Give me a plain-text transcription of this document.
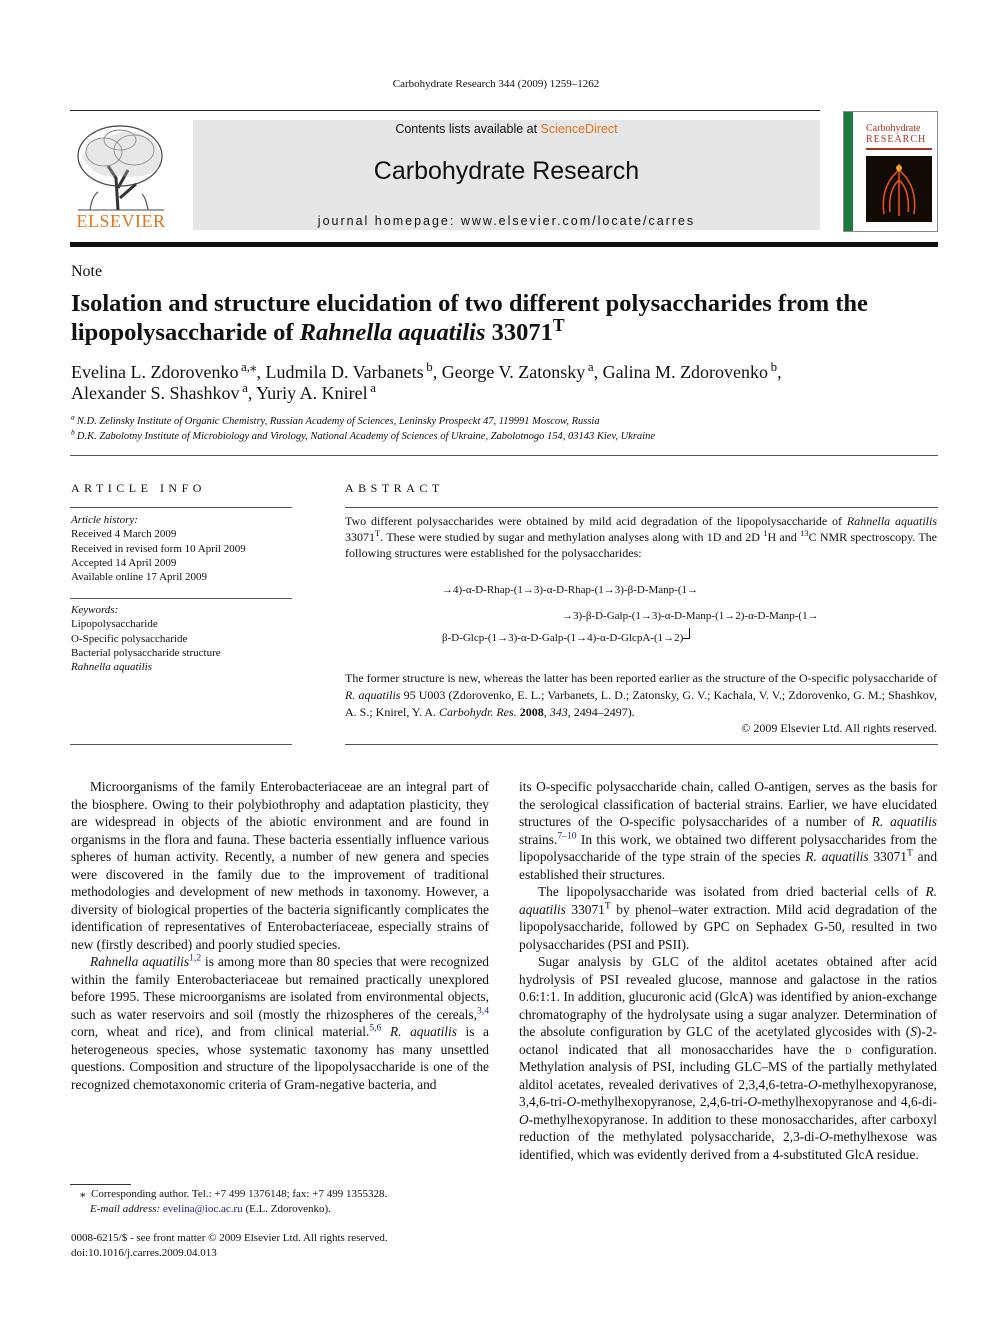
Carbohydrate Research 344 (2009) 1259–1262
ELSEVIER
Contents lists available at ScienceDirect
Carbohydrate Research
journal homepage: www.elsevier.com/locate/carres
Carbohydrate
RESEARCH
Note
Isolation and structure elucidation of two different polysaccharides from the lipopolysaccharide of Rahnella aquatilis $33071^T$
Evelina L. Zdorovenko  $^{a,⁎}$, Ludmila D. Varbanets  $^b$, George V. Zatonsky  $^a$, Galina M. Zdorovenko  $^b$,
Alexander S. Shashkov  $^a$, Yuriy A. Knirel  $^a$
$^a$  N.D. Zelinsky Institute of Organic Chemistry, Russian Academy of Sciences, Leninsky Prospeckt 47, 119991 Moscow, Russia
$^b$  D.K. Zabolotny Institute of Microbiology and Virology, National Academy of Sciences of Ukraine, Zabolotnogo 154, 03143 Kiev, Ukraine
ARTICLE INFO
Article history:
Received 4 March 2009
Received in revised form 10 April 2009
Accepted 14 April 2009
Available online 17 April 2009
Keywords:
Lipopolysaccharide
O-Specific polysaccharide
Bacterial polysaccharide structure
Rahnella aquatilis
ABSTRACT
Two different polysaccharides were obtained by mild acid degradation of the lipopolysaccharide of Rahnella aquatilis $33071^T$. These were studied by sugar and methylation analyses along with 1D and 2D $^1$H and $^{13}$C NMR spectroscopy. The following structures were established for the polysaccharides:
→4)-α-D-Rhap-(1→3)-α-D-Rhap-(1→3)-β-D-Manp-(1→
→3)-β-D-Galp-(1→3)-α-D-Manp-(1→2)-α-D-Manp-(1→
β-D-Glcp-(1→3)-α-D-Galp-(1→4)-α-D-GlcpA-(1→2)
The former structure is new, whereas the latter has been reported earlier as the structure of the O-specific polysaccharide of R. aquatilis 95 U003 (Zdorovenko, E. L.; Varbanets, L. D.; Zatonsky, G. V.; Kachala, V. V.; Zdorovenko, G. M.; Shashkov, A. S.; Knirel, Y. A. Carbohydr. Res. 2008, 343, 2494–2497).
© 2009 Elsevier Ltd. All rights reserved.

Microorganisms of the family Enterobacteriaceae are an integral part of the biosphere. Owing to their polybiothrophy and adaptation plasticity, they are widespread in objects of the abiotic environment and are found in organisms in the flora and fauna. These bacteria essentially influence various spheres of human activity. Recently, a number of new genera and species were discovered in the family due to the improvement of traditional methodologies and development of new methods in taxonomy. However, a diversity of biological properties of the bacteria significantly complicates the identification of representatives of Enterobacteriaceae, especially strains of new (firstly described) and poorly studied species.

Rahnella aquatilis$^{1,2}$ is among more than 80 species that were recognized within the family Enterobacteriaceae but remained practically unexplored before 1995. These microorganisms are isolated from environmental objects, such as water reservoirs and soil (mostly the rhizospheres of the cereals,$^{3,4}$ corn, wheat and rice), and from clinical material.$^{5,6}$ R. aquatilis is a heterogeneous species, whose systematic taxonomy has many unsettled questions. Composition and structure of the lipopolysaccharide is one of the recognized chemotaxonomic criteria of Gram-negative bacteria, and

its O-specific polysaccharide chain, called O-antigen, serves as the basis for the serological classification of bacterial strains. Earlier, we have elucidated structures of the O-specific polysaccharides of a number of R. aquatilis strains.$^{7-10}$ In this work, we obtained two different polysaccharides from the lipopolysaccharide of the type strain of the species R. aquatilis $33071^T$ and established their structures.

The lipopolysaccharide was isolated from dried bacterial cells of R. aquatilis $33071^T$ by phenol–water extraction. Mild acid degradation of the lipopolysaccharide, followed by GPC on Sephadex G-50, resulted in two polysaccharides (PSI and PSII).

Sugar analysis by GLC of the alditol acetates obtained after acid hydrolysis of PSI revealed glucose, mannose and galactose in the ratios 0.6:1:1. In addition, glucuronic acid (GlcA) was identified by anion-exchange chromatography of the hydrolysate using a sugar analyzer. Determination of the absolute configuration by GLC of the acetylated glycosides with (S)-2-octanol indicated that all monosaccharides have the d configuration. Methylation analysis of PSI, including GLC–MS of the partially methylated alditol acetates, revealed derivatives of 2,3,4,6-tetra-O-methylhexopyranose, 3,4,6-tri-O-methylhexopyranose, 2,4,6-tri-O-methylhexopyranose and 4,6-di-O-methylhexopyranose. In addition to these monosaccharides, after carboxyl reduction of the methylated polysaccharide, 2,3-di-O-methylhexose was identified, which was evidently derived from a 4-substituted GlcA residue.

⁎ Corresponding author. Tel.: +7 499 1376148; fax: +7 499 1355328.
E-mail address: evelina@ioc.ac.ru (E.L. Zdorovenko).
0008-6215/$ - see front matter © 2009 Elsevier Ltd. All rights reserved.
doi:10.1016/j.carres.2009.04.013
